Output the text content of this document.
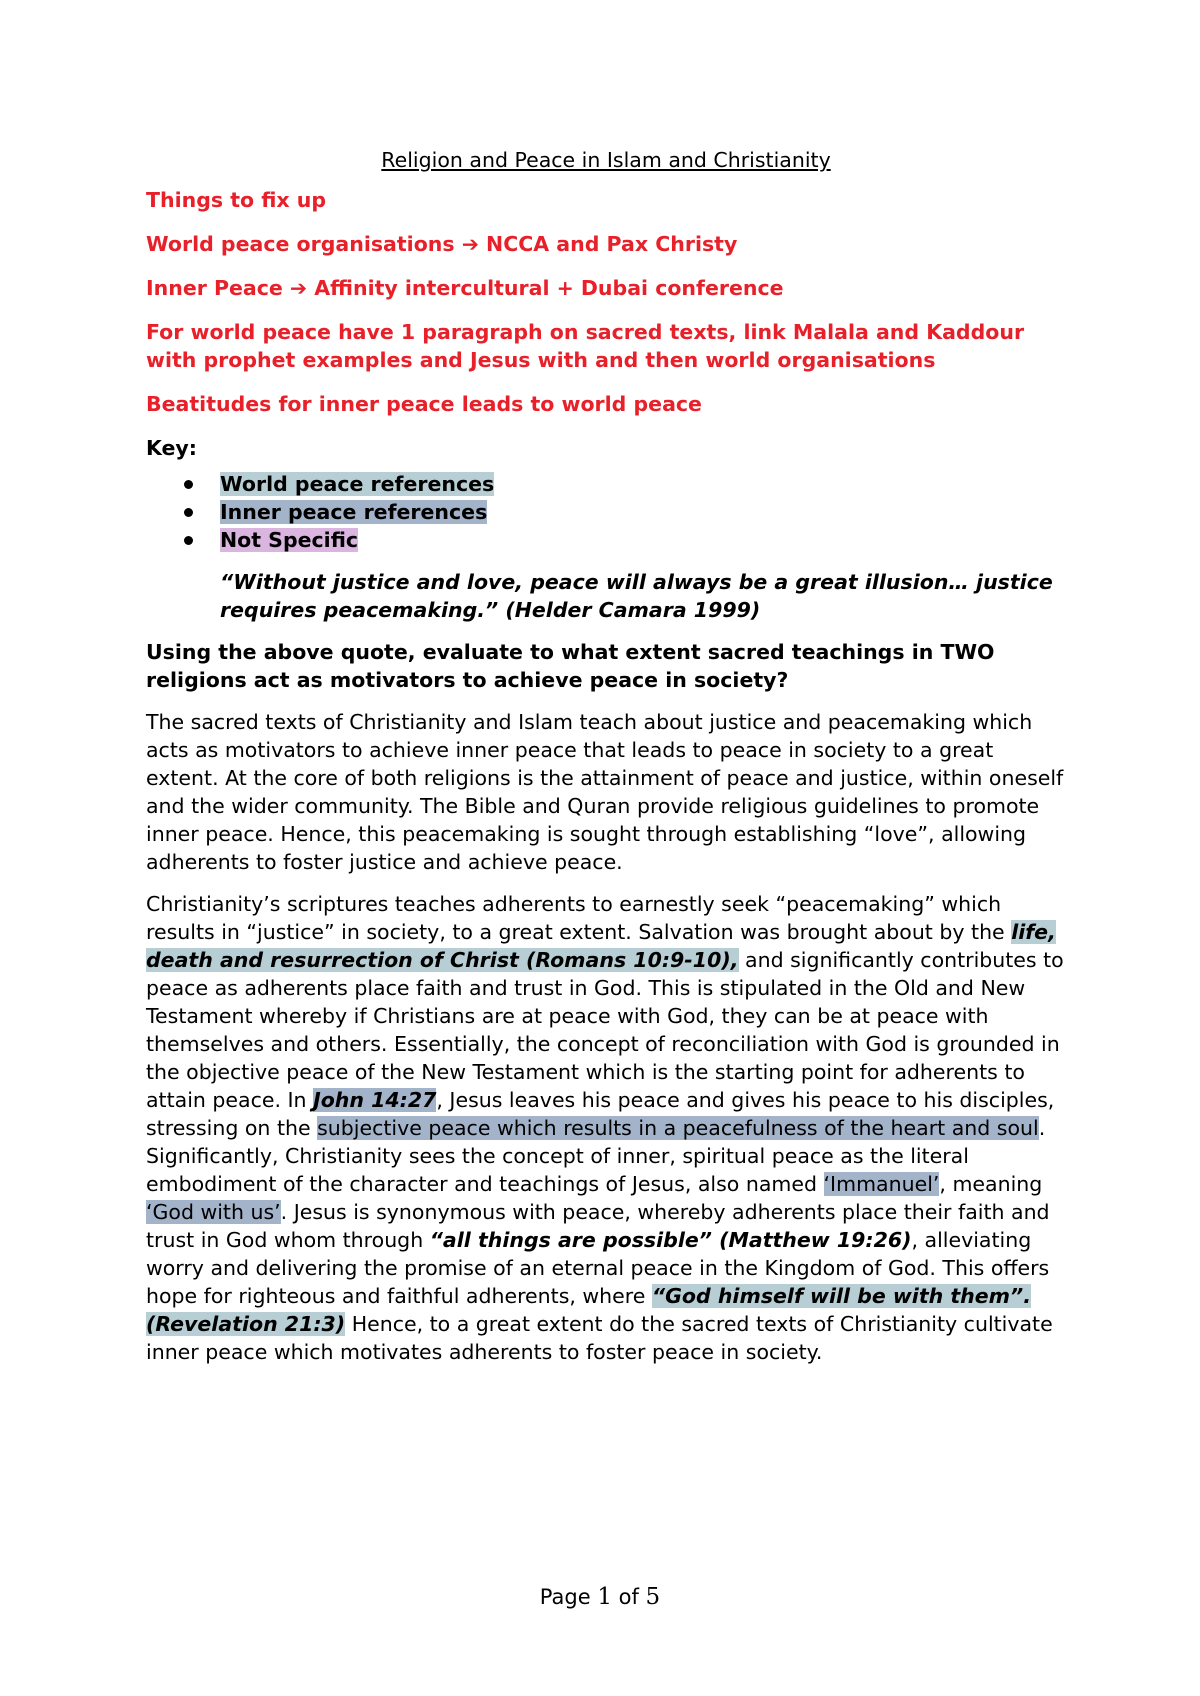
Religion and Peace in Islam and Christianity

Things to fix up

World peace organisations ➔ NCCA and Pax Christy

Inner Peace ➔ Affinity intercultural + Dubai conference

For world peace have 1 paragraph on sacred texts, link Malala and Kaddour with prophet examples and Jesus with and then world organisations

Beatitudes for inner peace leads to world peace

Key:

World peace references
Inner peace references
Not Specific

“Without justice and love, peace will always be a great illusion… justice requires peacemaking.” (Helder Camara 1999)

Using the above quote, evaluate to what extent sacred teachings in TWO religions act as motivators to achieve peace in society?

The sacred texts of Christianity and Islam teach about justice and peacemaking which acts as motivators to achieve inner peace that leads to peace in society to a great extent. At the core of both religions is the attainment of peace and justice, within oneself and the wider community. The Bible and Quran provide religious guidelines to promote inner peace. Hence, this peacemaking is sought through establishing “love”, allowing adherents to foster justice and achieve peace.

Christianity’s scriptures teaches adherents to earnestly seek “peacemaking” which results in “justice” in society, to a great extent. Salvation was brought about by the life, death and resurrection of Christ (Romans 10:9-10), and significantly contributes to peace as adherents place faith and trust in God. This is stipulated in the Old and New Testament whereby if Christians are at peace with God, they can be at peace with themselves and others. Essentially, the concept of reconciliation with God is grounded in the objective peace of the New Testament which is the starting point for adherents to attain peace. In John 14:27, Jesus leaves his peace and gives his peace to his disciples, stressing on the subjective peace which results in a peacefulness of the heart and soul. Significantly, Christianity sees the concept of inner, spiritual peace as the literal embodiment of the character and teachings of Jesus, also named ‘Immanuel’, meaning ‘God with us’. Jesus is synonymous with peace, whereby adherents place their faith and trust in God whom through “all things are possible” (Matthew 19:26), alleviating worry and delivering the promise of an eternal peace in the Kingdom of God. This offers hope for righteous and faithful adherents, where “God himself will be with them”. (Revelation 21:3) Hence, to a great extent do the sacred texts of Christianity cultivate inner peace which motivates adherents to foster peace in society.

Page 1 of 5
